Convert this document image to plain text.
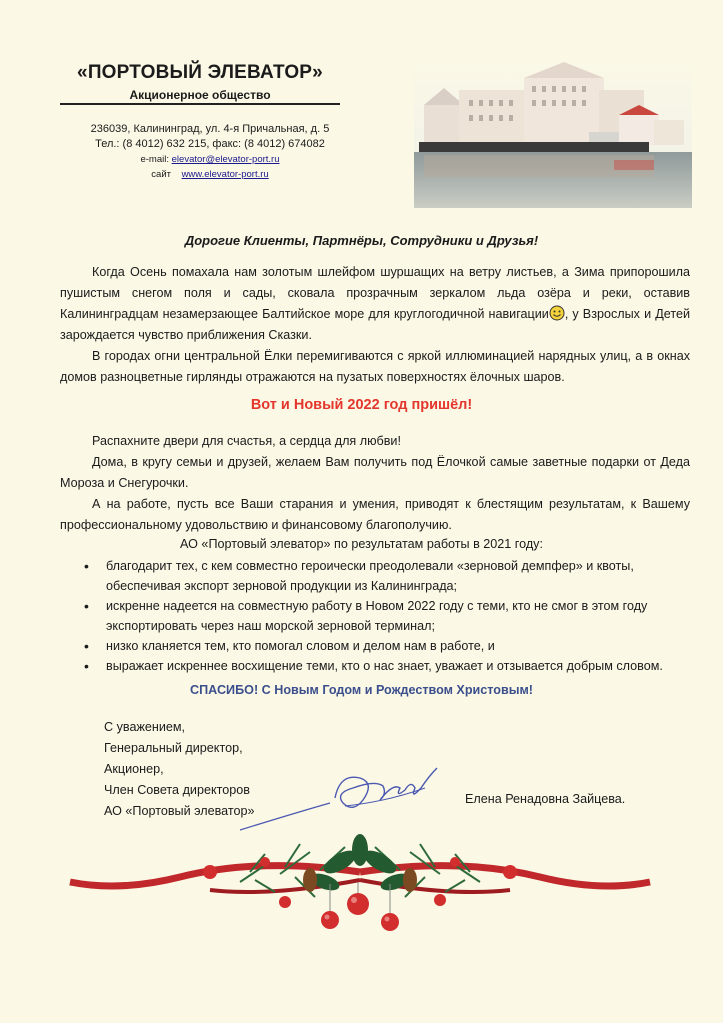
«ПОРТОВЫЙ ЭЛЕВАТОР»
Акционерное общество
236039, Калининград, ул. 4-я Причальная, д. 5
Тел.: (8 4012) 632 215, факс: (8 4012) 674082
e-mail: elevator@elevator-port.ru
сайт www.elevator-port.ru
Дорогие Клиенты, Партнёры, Сотрудники и Друзья!
Когда Осень помахала нам золотым шлейфом шуршащих на ветру листьев, а Зима припорошила пушистым снегом поля и сады, сковала прозрачным зеркалом льда озёра и реки, оставив Калининградцам незамерзающее Балтийское море для круглогодичной навигации , у Взрослых и Детей зарождается чувство приближения Сказки.
В городах огни центральной Ёлки перемигиваются с яркой иллюминацией нарядных улиц, а в окнах домов разноцветные гирлянды отражаются на пузатых поверхностях ёлочных шаров.
Вот и Новый 2022 год пришёл!
Распахните двери для счастья, а сердца для любви!
Дома, в кругу семьи и друзей, желаем Вам получить под Ёлочкой самые заветные подарки от Деда Мороза и Снегурочки.
А на работе, пусть все Ваши старания и умения, приводят к блестящим результатам, к Вашему профессиональному удовольствию и финансовому благополучию.
АО «Портовый элеватор» по результатам работы в 2021 году:
• благодарит тех, с кем совместно героически преодолевали «зерновой демпфер» и квоты, обеспечивая экспорт зерновой продукции из Калининграда;
• искренне надеется на совместную работу в Новом 2022 году с теми, кто не смог в этом году экспортировать через наш морской зерновой терминал;
• низко кланяется тем, кто помогал словом и делом нам в работе, и
• выражает искреннее восхищение теми, кто о нас знает, уважает и отзывается добрым словом.
СПАСИБО! С Новым Годом и Рождеством Христовым!
С уважением,
Генеральный директор,
Акционер,
Член Совета директоров
АО «Портовый элеватор»
Елена Ренадовна Зайцева.
